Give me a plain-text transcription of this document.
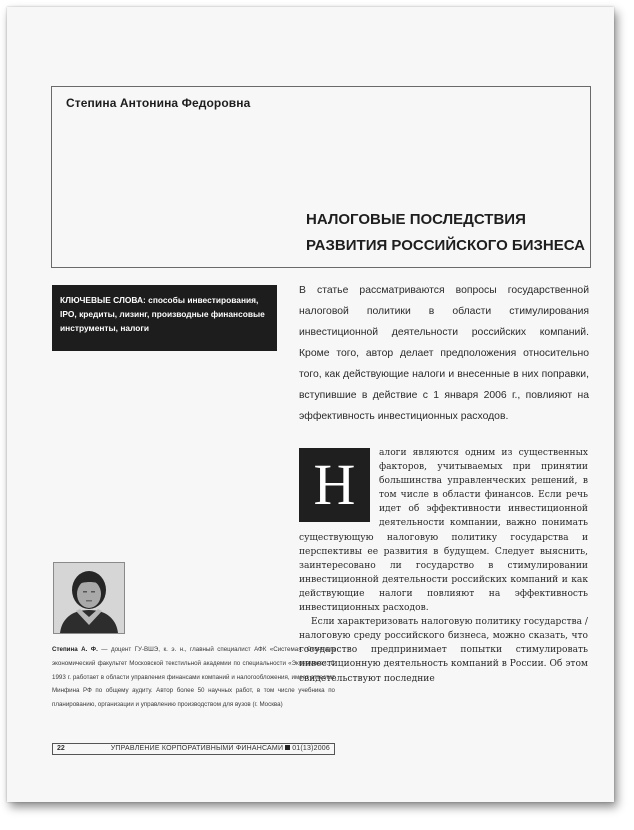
Степина Антонина Федоровна
НАЛОГОВЫЕ ПОСЛЕДСТВИЯ РАЗВИТИЯ РОССИЙСКОГО БИЗНЕСА
КЛЮЧЕВЫЕ СЛОВА: способы инвестирования, IPO, кредиты, лизинг, производные финансовые инструменты, налоги

В статье рассматриваются вопросы государственной налоговой политики в области стимулирования инвестиционной деятельности российских компаний. Кроме того, автор делает предположения относительно того, как действующие налоги и внесенные в них поправки, вступившие в действие с 1 января 2006 г., повлияют на эффективность инвестиционных расходов.

алоги являются одним из существенных факторов, учитываемых при принятии большинства управленческих решений, в том числе в области финансов. Если речь идет об эффективности инвестиционной деятельности компании, важно понимать существующую налоговую политику государства и перспективы ее развития в будущем. Следует выяснить, заинтересовано ли государство в стимулировании инвестиционной деятельности российских компаний и как действующие налоги повлияют на эффективность инвестиционных расходов.

Если характеризовать налоговую политику государства / налоговую среду российского бизнеса, можно сказать, что государство предпринимает попытки стимулировать инвестиционную деятельность компаний в России. Об этом свидетельствуют последние

Н

Степина А. Ф. — доцент ГУ-ВШЭ, к. э. н., главный специалист АФК «Система». Окончила экономический факультет Московской текстильной академии по специальности «Экономика». С 1993 г. работает в области управления финансами компаний и налогообложения, имеет аттестат Минфина РФ по общему аудиту. Автор более 50 научных работ, в том числе учебника по планированию, организации и управлению производством для вузов (г. Москва)

22	УПРАВЛЕНИЕ КОРПОРАТИВНЫМИ ФИНАНСАМИ 01(13)2006
